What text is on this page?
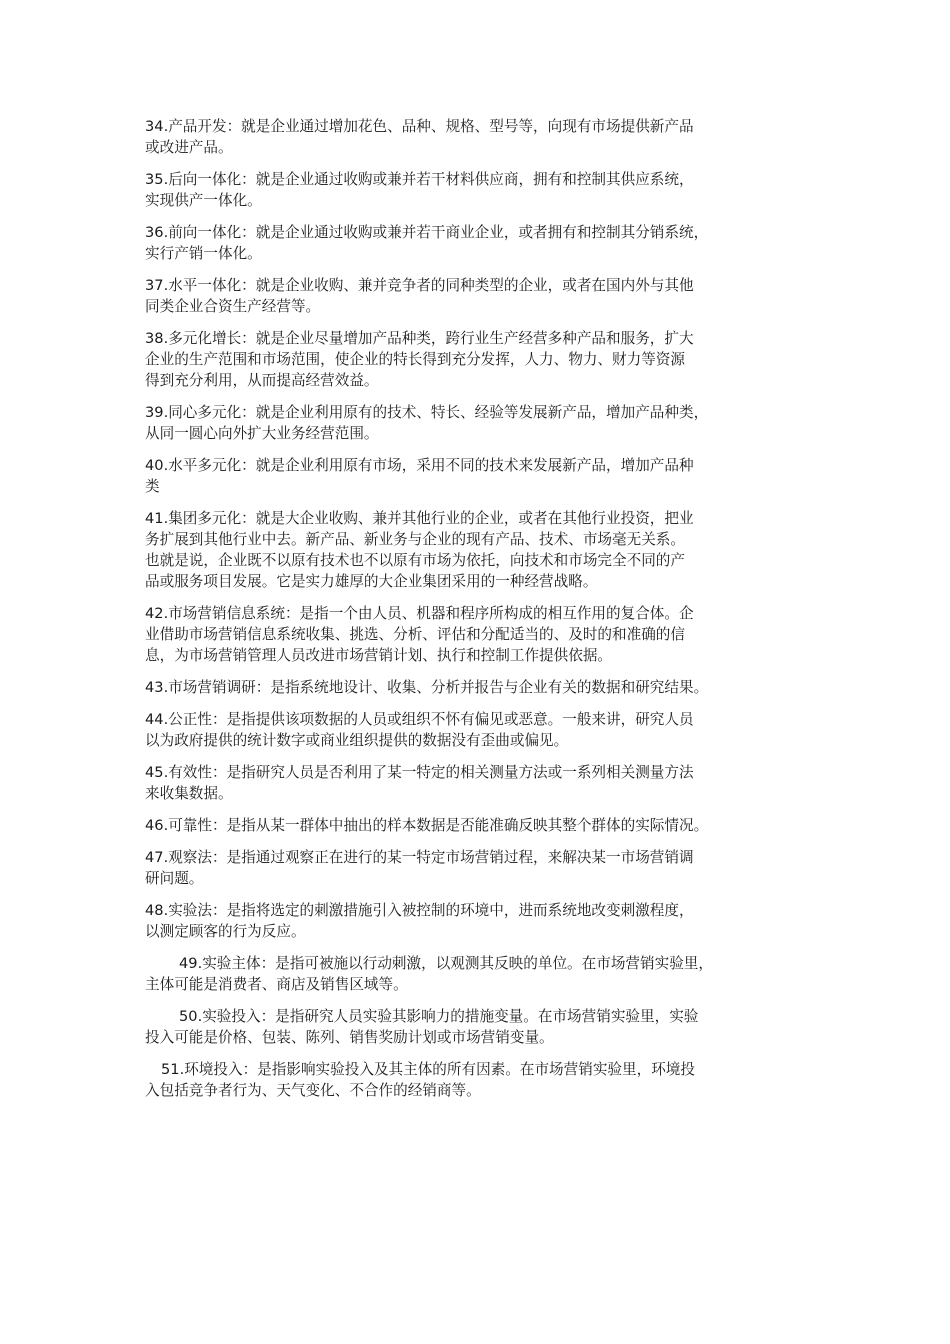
34.产品开发：就是企业通过增加花色、品种、规格、型号等，向现有市场提供新产品
或改进产品。

35.后向一体化：就是企业通过收购或兼并若干材料供应商，拥有和控制其供应系统，
实现供产一体化。

36.前向一体化：就是企业通过收购或兼并若干商业企业，或者拥有和控制其分销系统，
实行产销一体化。

37.水平一体化：就是企业收购、兼并竞争者的同种类型的企业，或者在国内外与其他
同类企业合资生产经营等。

38.多元化增长：就是企业尽量增加产品种类，跨行业生产经营多种产品和服务，扩大
企业的生产范围和市场范围，使企业的特长得到充分发挥，人力、物力、财力等资源
得到充分利用，从而提高经营效益。

39.同心多元化：就是企业利用原有的技术、特长、经验等发展新产品，增加产品种类，
从同一圆心向外扩大业务经营范围。

40.水平多元化：就是企业利用原有市场，采用不同的技术来发展新产品，增加产品种
类

41.集团多元化：就是大企业收购、兼并其他行业的企业，或者在其他行业投资，把业
务扩展到其他行业中去。新产品、新业务与企业的现有产品、技术、市场毫无关系。
也就是说，企业既不以原有技术也不以原有市场为依托，向技术和市场完全不同的产
品或服务项目发展。它是实力雄厚的大企业集团采用的一种经营战略。

42.市场营销信息系统：是指一个由人员、机器和程序所构成的相互作用的复合体。企
业借助市场营销信息系统收集、挑选、分析、评估和分配适当的、及时的和准确的信
息，为市场营销管理人员改进市场营销计划、执行和控制工作提供依据。

43.市场营销调研：是指系统地设计、收集、分析并报告与企业有关的数据和研究结果。

44.公正性：是指提供该项数据的人员或组织不怀有偏见或恶意。一般来讲，研究人员
以为政府提供的统计数字或商业组织提供的数据没有歪曲或偏见。

45.有效性：是指研究人员是否利用了某一特定的相关测量方法或一系列相关测量方法
来收集数据。

46.可靠性：是指从某一群体中抽出的样本数据是否能准确反映其整个群体的实际情况。

47.观察法：是指通过观察正在进行的某一特定市场营销过程，来解决某一市场营销调
研问题。

48.实验法：是指将选定的刺激措施引入被控制的环境中，进而系统地改变刺激程度，
以测定顾客的行为反应。

49.实验主体：是指可被施以行动刺激，以观测其反映的单位。在市场营销实验里，
主体可能是消费者、商店及销售区域等。

50.实验投入：是指研究人员实验其影响力的措施变量。在市场营销实验里，实验
投入可能是价格、包装、陈列、销售奖励计划或市场营销变量。

51.环境投入：是指影响实验投入及其主体的所有因素。在市场营销实验里，环境投
入包括竞争者行为、天气变化、不合作的经销商等。
